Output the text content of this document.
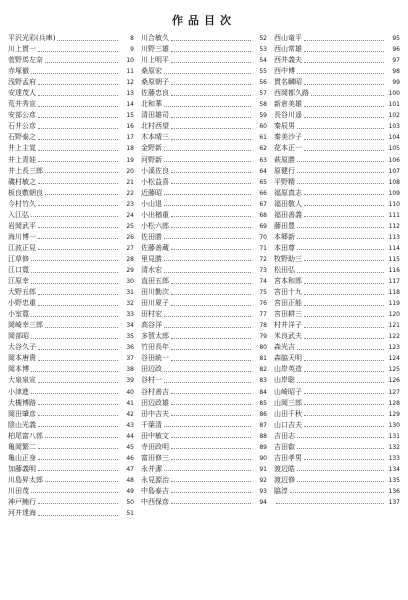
作品目次
平沢光彩(兵庫)	8
川上貫一	9
菅野馬左奈	10
赤塚徹	11
浅野孟府	12
安達茂人	13
荒井秀宣	14
安部公彦	15
石井公彦	16
石野泰之	17
井上主覚	18
井上青娃	19
井上長三郎	20
磯村敏之	21
板良敷朝良	22
今村竹久	23
入江弘	24
岩岡武平	25
海川博一	26
江波正見	27
江草修	28
江口寛	29
江原幸	30
大野五郎	31
小野忠重	32
小室寛	33
岡崎幸三郎	34
岡部昭	35
大谷久子	36
岡本唐貴	37
岡本博	38
大泉泉宣	39
小津進	40
大槻博路	41
岡田肇彦	42
陰山光義	43
柏尾富八郎	44
亀岡繁二	45
亀山正身	46
加藤義明	47
川島昇太郎	48
川田茂	49
神戸鮪行	50
河井達海	51
川合敏久	52
川野三雄	53
川上明平	54
桑原宏	55
桑原朝子	56
佐藤忠良	57
北和華	58
清田雄司	59
北村西望	60
木本晴三	61
金野新	62
河野新	63
小溪佐良	64
小松益喜	65
近藤昭	66
小山退	67
小出楢重	68
小松六郎	69
佐田勝	70
佐藤善蔵	71
里見勝	72
清水宏	73
直田五郎	74
田川勤次	75
田川夏子	76
田村宏	77
高谷洋	78
多賀太郎	79
竹田長年	80
谷田統一	81
田辺政	82
谷村一	83
谷村善吉	84
田辺政雄	85
田中吉夫	86
千葉清	87
田中敏文	88
寺田政明	89
富田修三	90
永井潔	91
永見源治	92
中島泰吉	93
中西保彦	94
西山竜平	95
西山常雄	96
西井義夫	97
西中博	98
貫名麟昭	99
西岡都久路	100
新倉美雄	101
長谷川遥	102
秦辰男	103
秦美沙子	104
花本正一	105
萩原勝	106
原健行	107
平野精	108
福原真志	109
福田敬人	110
福田善義	111
藤田豊	112
本郷新	113
本田尊	114
牧野助三	115
松田弘	116
宮本和郎	117
宮田十九	118
宮田正能	119
宮田耕三	120
村井洋子	121
米良武夫	122
森光吉	123
森脇天明	124
山岸英造	125
山岸聡	126
山崎昭子	127
山岡三郎	128
山田千秋	129
山口吉夫	130
吉田志	131
吉田叡	132
吉田孝男	133
渡辺皓	134
渡辺修	135
脇淳	136
137
